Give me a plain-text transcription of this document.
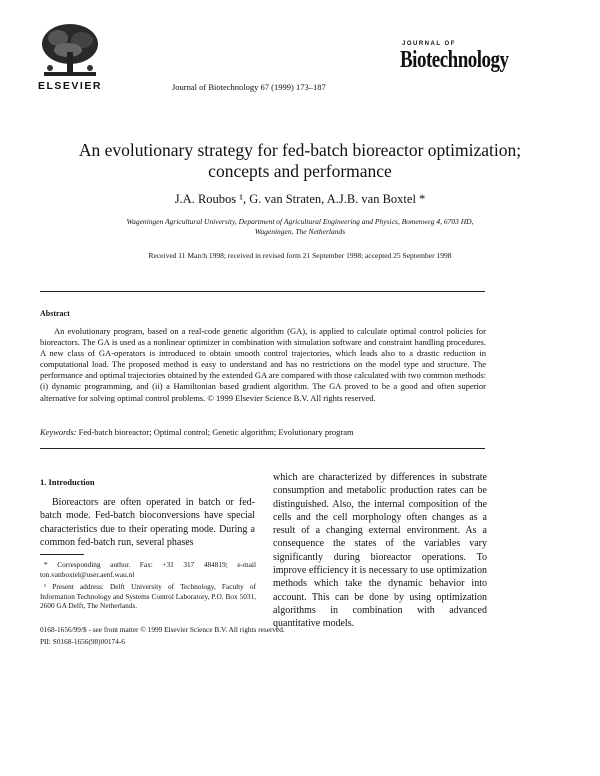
ELSEVIER	Journal of Biotechnology 67 (1999) 173–187
JOURNAL OF
Biotechnology
An evolutionary strategy for fed-batch bioreactor optimization;
concepts and performance
J.A. Roubos ¹, G. van Straten, A.J.B. van Boxtel *
Wageningen Agricultural University, Department of Agricultural Engineering and Physics, Bomenweg 4, 6703 HD,
Wageningen, The Netherlands
Received 11 March 1998; received in revised form 21 September 1998; accepted 25 September 1998
Abstract
An evolutionary program, based on a real-code genetic algorithm (GA), is applied to calculate optimal control policies for bioreactors. The GA is used as a nonlinear optimizer in combination with simulation software and constraint handling procedures. A new class of GA-operators is introduced to obtain smooth control trajectories, which leads also to a drastic reduction in computational load. The proposed method is easy to understand and has no restrictions on the model type and structure. The performance and optimal trajectories obtained by the extended GA are compared with those calculated with two common methods: (i) dynamic programming, and (ii) a Hamiltonian based gradient algorithm. The GA proved to be a good and often superior alternative for solving optimal control problems. © 1999 Elsevier Science B.V. All rights reserved.
Keywords: Fed-batch bioreactor; Optimal control; Genetic algorithm; Evolutionary program
1. Introduction
Bioreactors are often operated in batch or fed-batch mode. Fed-batch bioconversions have special characteristics due to their operating mode. During a common fed-batch run, several phases
which are characterized by differences in substrate consumption and metabolic production rates can be distinguished. Also, the internal composition of the cells and the cell morphology often changes as a result of a changing external environment. As a consequence the states of the variables vary significantly during bioreactor operations. To improve efficiency it is necessary to use optimization methods which take the dynamic behavior into account. This can be done by using optimization algorithms in combination with advanced quantitative models.
* Corresponding author. Fax: +31 317 484819; e-mail ton.vanboxtel@user.aenf.wau.nl
¹ Present address: Delft University of Technology, Faculty of Information Technology and Systems Control Laboratory, P.O. Box 5031, 2600 GA Delft, The Netherlands.
0168-1656/99/$ - see front matter © 1999 Elsevier Science B.V. All rights reserved.
PII: S0168-1656(98)00174-6
